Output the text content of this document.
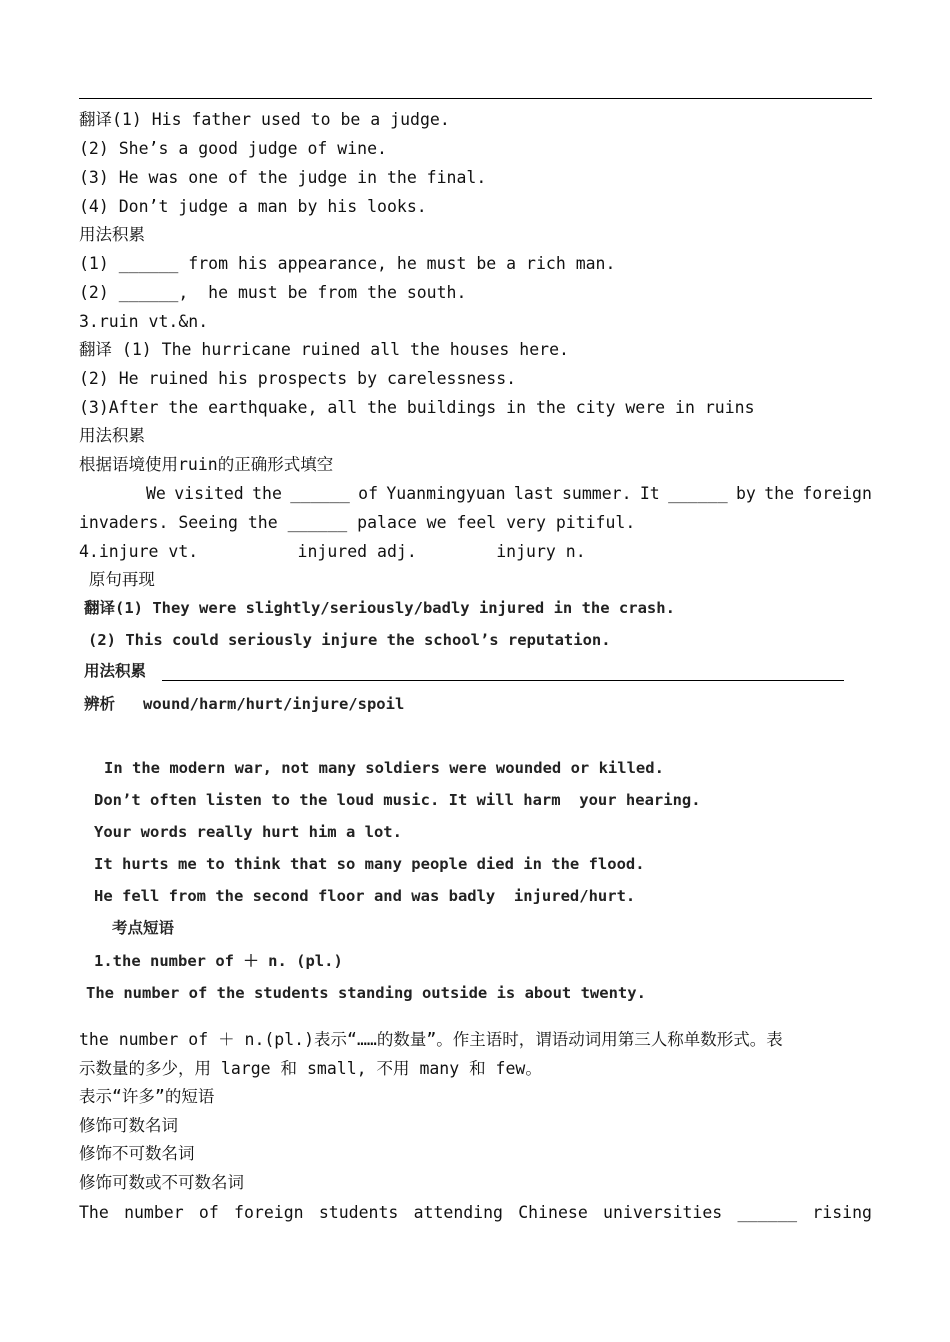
翻译(1) His father used to be a judge.
(2) She’s a good judge of wine.
(3) He was one of the judge in the final.
(4) Don’t judge a man by his looks.
用法积累
(1) ______ from his appearance, he must be a rich man.
(2) ______,  he must be from the south.
3.ruin vt.&n.
翻译 (1) The hurricane ruined all the houses here.
(2) He ruined his prospects by carelessness.
(3)After the earthquake, all the buildings in the city were in ruins
用法积累
根据语境使用ruin的正确形式填空
We visited the ______ of Yuanmingyuan last summer. It ______ by the foreign
invaders. Seeing the ______ palace we feel very pitiful.
4.injure vt.          injured adj.        injury n.
原句再现
翻译(1) They were slightly/seriously/badly injured in the crash.
(2) This could seriously injure the school’s reputation.
用法积累
辨析   wound/harm/hurt/injure/spoil
In the modern war, not many soldiers were wounded or killed.
Don’t often listen to the loud music. It will harm  your hearing.
Your words really hurt him a lot.
It hurts me to think that so many people died in the flood.
He fell from the second floor and was badly  injured/hurt.
考点短语
1.the number of ＋ n. (pl.)
The number of the students standing outside is about twenty.
the number of ＋ n.(pl.)表示“……的数量”。作主语时，谓语动词用第三人称单数形式。表
示数量的多少，用 large 和 small, 不用 many 和 few。
表示“许多”的短语
修饰可数名词
修饰不可数名词
修饰可数或不可数名词
The number of foreign students attending Chinese universities ______ rising
